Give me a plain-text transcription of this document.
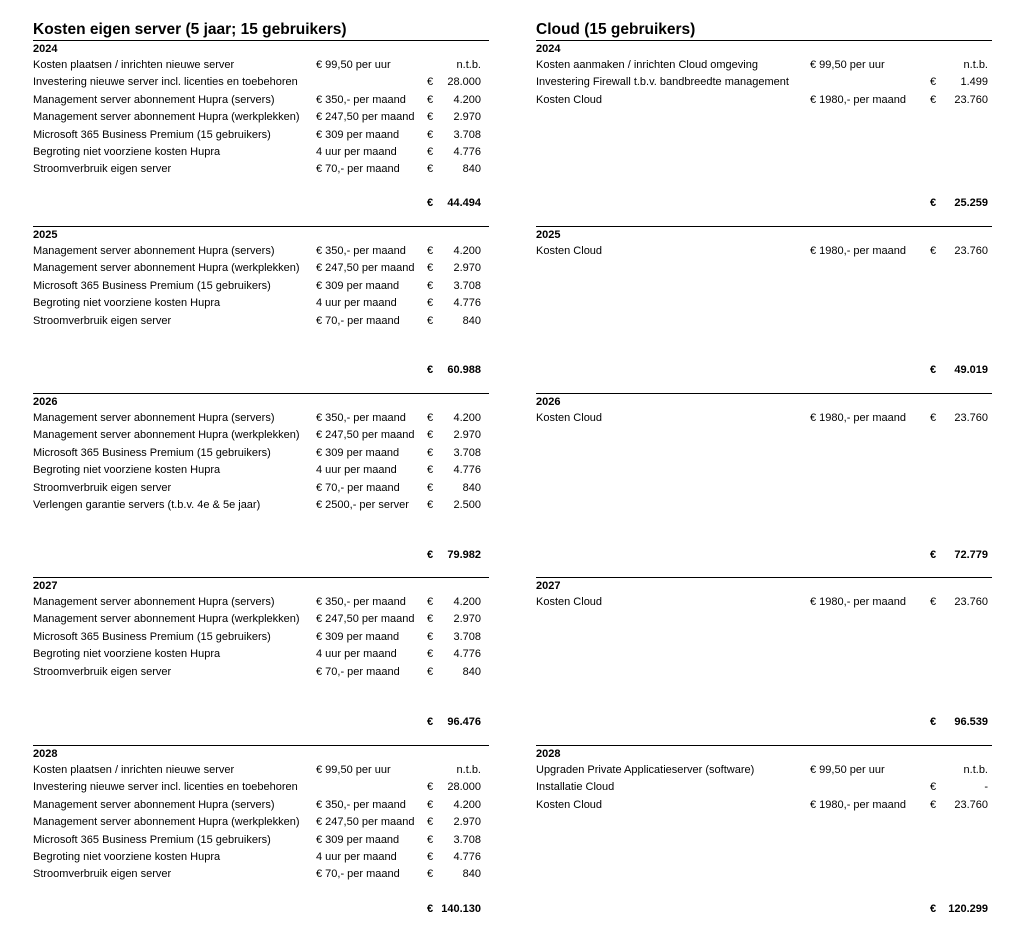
Kosten eigen server (5 jaar; 15 gebruikers)
2024
Kosten plaatsen / inrichten nieuwe server	€ 99,50 per uur	n.t.b.
Investering nieuwe server incl. licenties en toebehoren	€	28.000
Management server abonnement Hupra (servers)	€ 350,- per maand €	4.200
Management server abonnement Hupra (werkplekken) € 247,50 per maand €	2.970
Microsoft 365 Business Premium (15 gebruikers)	€ 309 per maand	€	3.708
Begroting niet voorziene kosten Hupra	4 uur per maand	€	4.776
Stroomverbruik eigen server	€ 70,- per maand €	840
€	44.494
2025
Management server abonnement Hupra (servers)	€ 350,- per maand €	4.200
Management server abonnement Hupra (werkplekken) € 247,50 per maand €	2.970
Microsoft 365 Business Premium (15 gebruikers)	€ 309 per maand	€	3.708
Begroting niet voorziene kosten Hupra	4 uur per maand	€	4.776
Stroomverbruik eigen server	€ 70,- per maand €	840
€	60.988
2026
Management server abonnement Hupra (servers)	€ 350,- per maand €	4.200
Management server abonnement Hupra (werkplekken) € 247,50 per maand €	2.970
Microsoft 365 Business Premium (15 gebruikers)	€ 309 per maand	€	3.708
Begroting niet voorziene kosten Hupra	4 uur per maand	€	4.776
Stroomverbruik eigen server	€ 70,- per maand €	840
Verlengen garantie servers (t.b.v. 4e & 5e jaar)	€ 2500,- per server €	2.500
€	79.982
2027
Management server abonnement Hupra (servers)	€ 350,- per maand €	4.200
Management server abonnement Hupra (werkplekken) € 247,50 per maand €	2.970
Microsoft 365 Business Premium (15 gebruikers)	€ 309 per maand	€	3.708
Begroting niet voorziene kosten Hupra	4 uur per maand	€	4.776
Stroomverbruik eigen server	€ 70,- per maand €	840
€	96.476
2028
Kosten plaatsen / inrichten nieuwe server	€ 99,50 per uur	n.t.b.
Investering nieuwe server incl. licenties en toebehoren	€	28.000
Management server abonnement Hupra (servers)	€ 350,- per maand €	4.200
Management server abonnement Hupra (werkplekken) € 247,50 per maand €	2.970
Microsoft 365 Business Premium (15 gebruikers)	€ 309 per maand	€	3.708
Begroting niet voorziene kosten Hupra	4 uur per maand	€	4.776
Stroomverbruik eigen server	€ 70,- per maand €	840
€ 140.130
Cloud (15 gebruikers)
2024
Kosten aanmaken / inrichten Cloud omgeving	€ 99,50 per uur	n.t.b.
Investering Firewall t.b.v. bandbreedte management	€	1.499
Kosten Cloud	€ 1980,- per maand €	23.760
€	25.259
2025
Kosten Cloud	€ 1980,- per maand €	23.760
€	49.019
2026
Kosten Cloud	€ 1980,- per maand €	23.760
€	72.779
2027
Kosten Cloud	€ 1980,- per maand €	23.760
€	96.539
2028
Upgraden Private Applicatieserver (software)	€ 99,50 per uur	n.t.b.
Installatie Cloud	€	-
Kosten Cloud	€ 1980,- per maand €	23.760
€	120.299
